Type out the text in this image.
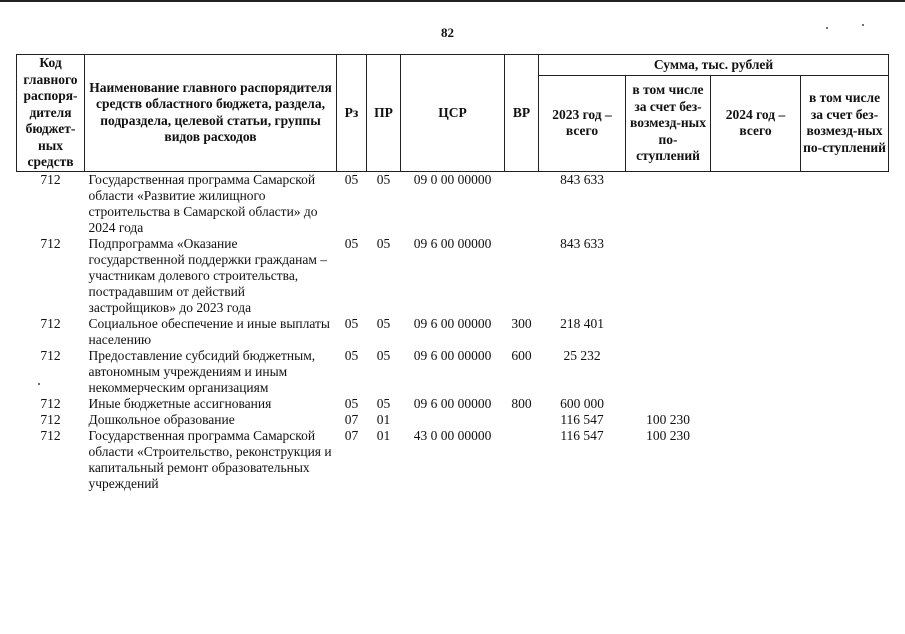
82
Код главного распоря-дителя бюджет-ных средств	Наименование главного распорядителя средств областного бюджета, раздела, подраздела, целевой статьи, группы видов расходов	Рз	ПР	ЦСР	ВР	Сумма, тыс. рублей			
						2023 год – всего	в том числе за счет без-возмезд-ных по-ступлений	2024 год – всего	в том числе за счет без-возмезд-ных по-ступлений
712	Государственная программа Самарской области «Развитие жилищного строительства в Самарской области» до 2024 года	05	05	09 0 00 00000		843 633			
712	Подпрограмма «Оказание государственной поддержки гражданам – участникам долевого строительства, пострадавшим от действий застройщиков» до 2023 года	05	05	09 6 00 00000		843 633			
712	Социальное обеспечение и иные выплаты населению	05	05	09 6 00 00000	300	218 401			
712	Предоставление субсидий бюджетным, автономным учреждениям и иным некоммерческим организациям	05	05	09 6 00 00000	600	25 232			
712	Иные бюджетные ассигнования	05	05	09 6 00 00000	800	600 000			
712	Дошкольное образование	07	01			116 547	100 230		
712	Государственная программа Самарской области «Строительство, реконструкция и капитальный ремонт образовательных учреждений	07	01	43 0 00 00000		116 547	100 230		
